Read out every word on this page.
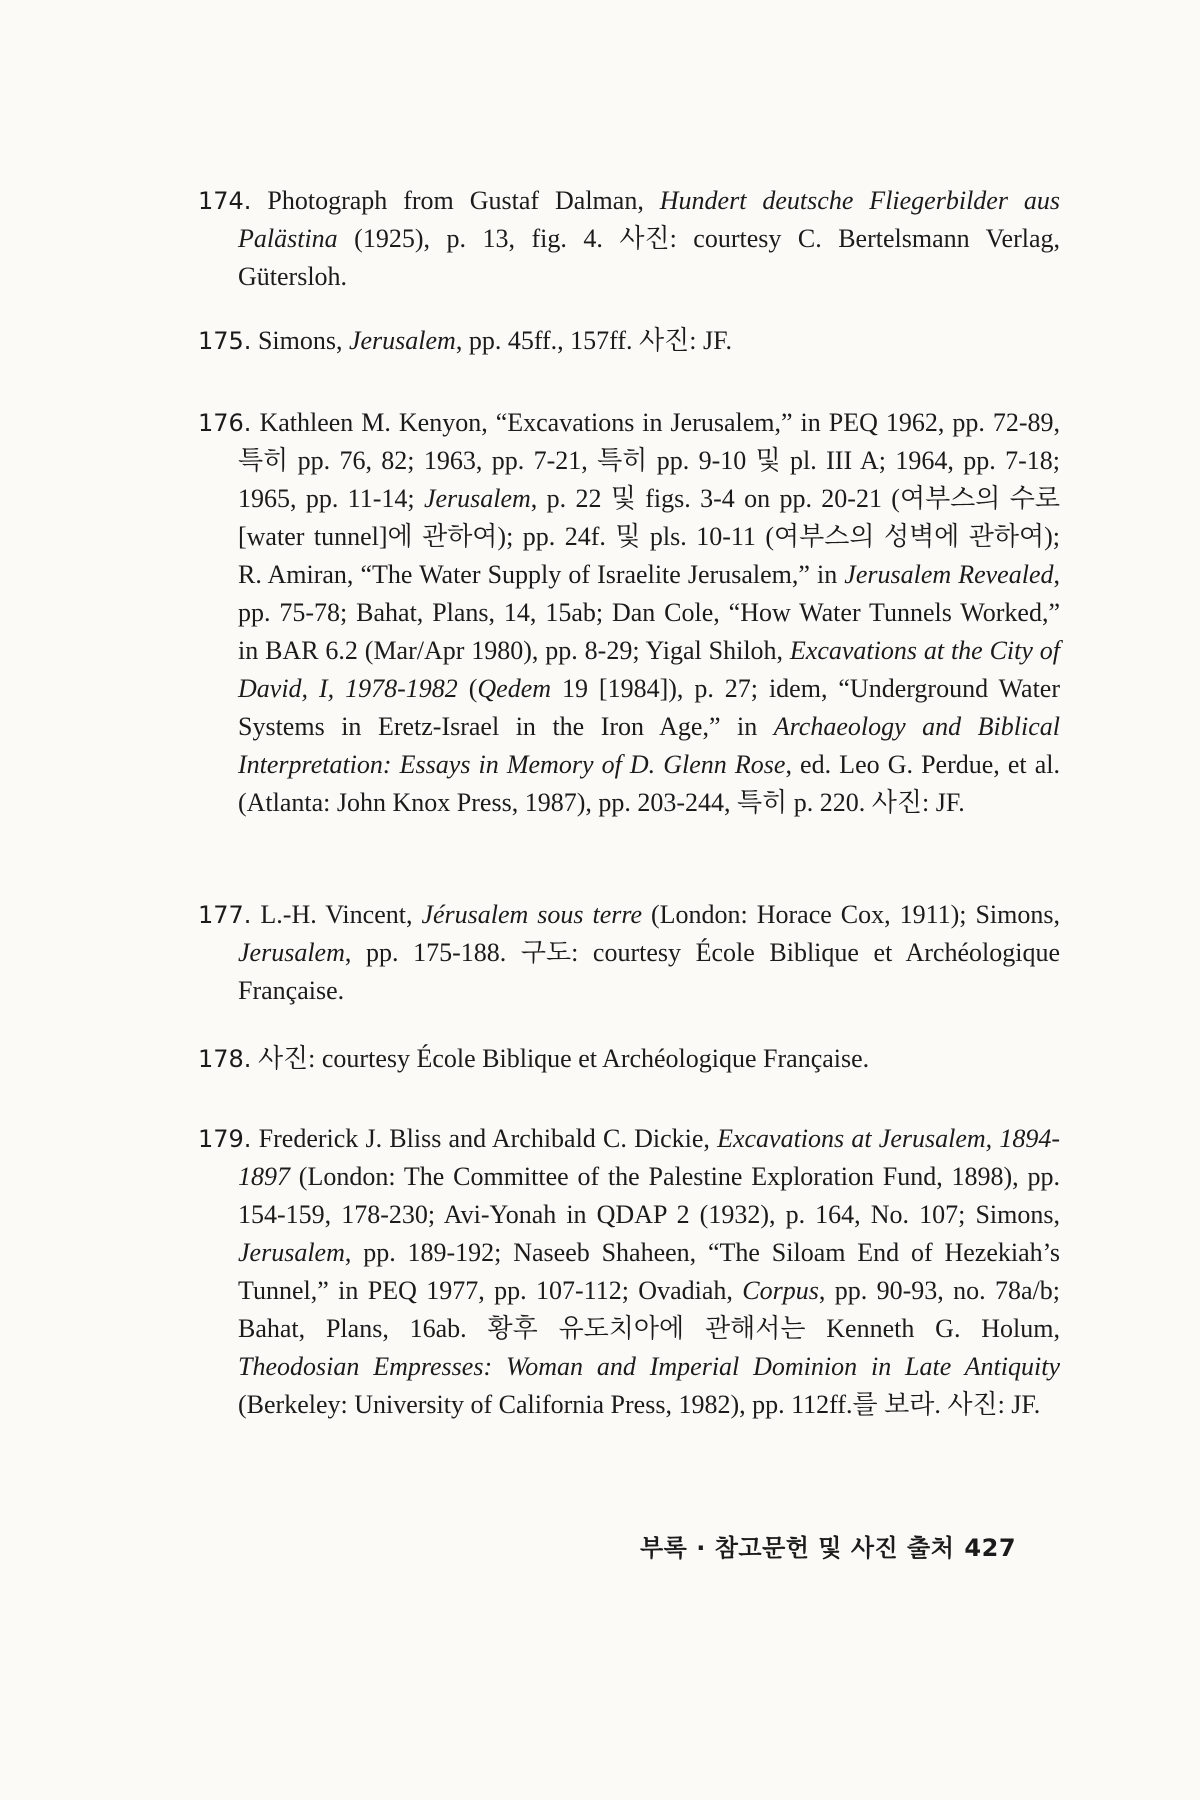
174. Photograph from Gustaf Dalman, Hundert deutsche Fliegerbilder aus Palästina (1925), p. 13, fig. 4. 사진: courtesy C. Bertelsmann Verlag, Gütersloh.

175. Simons, Jerusalem, pp. 45ff., 157ff. 사진: JF.

176. Kathleen M. Kenyon, “Excavations in Jerusalem,” in PEQ 1962, pp. 72-89, 특히 pp. 76, 82; 1963, pp. 7-21, 특히 pp. 9-10 및 pl. III A; 1964, pp. 7-18; 1965, pp. 11-14; Jerusalem, p. 22 및 figs. 3-4 on pp. 20-21 (여부스의 수로 [water tunnel]에 관하여); pp. 24f. 및 pls. 10-11 (여부스의 성벽에 관하여); R. Amiran, “The Water Supply of Israelite Jerusalem,” in Jerusalem Revealed, pp. 75-78; Bahat, Plans, 14, 15ab; Dan Cole, “How Water Tunnels Worked,” in BAR 6.2 (Mar/Apr 1980), pp. 8-29; Yigal Shiloh, Excavations at the City of David, I, 1978-1982 (Qedem 19 [1984]), p. 27; idem, “Underground Water Systems in Eretz-Israel in the Iron Age,” in Archaeology and Biblical Interpretation: Essays in Memory of D. Glenn Rose, ed. Leo G. Perdue, et al. (Atlanta: John Knox Press, 1987), pp. 203-244, 특히 p. 220. 사진: JF.

177. L.-H. Vincent, Jérusalem sous terre (London: Horace Cox, 1911); Simons, Jerusalem, pp. 175-188. 구도: courtesy École Biblique et Archéologique Française.

178. 사진: courtesy École Biblique et Archéologique Française.

179. Frederick J. Bliss and Archibald C. Dickie, Excavations at Jerusalem, 1894-1897 (London: The Committee of the Palestine Exploration Fund, 1898), pp. 154-159, 178-230; Avi-Yonah in QDAP 2 (1932), p. 164, No. 107; Simons, Jerusalem, pp. 189-192; Naseeb Shaheen, “The Siloam End of Hezekiah’s Tunnel,” in PEQ 1977, pp. 107-112; Ovadiah, Corpus, pp. 90-93, no. 78a/b; Bahat, Plans, 16ab. 황후 유도치아에 관해서는 Kenneth G. Holum, Theodosian Empresses: Woman and Imperial Dominion in Late Antiquity (Berkeley: University of California Press, 1982), pp. 112ff.를 보라. 사진: JF.

부록 · 참고문헌 및 사진 출처 427
